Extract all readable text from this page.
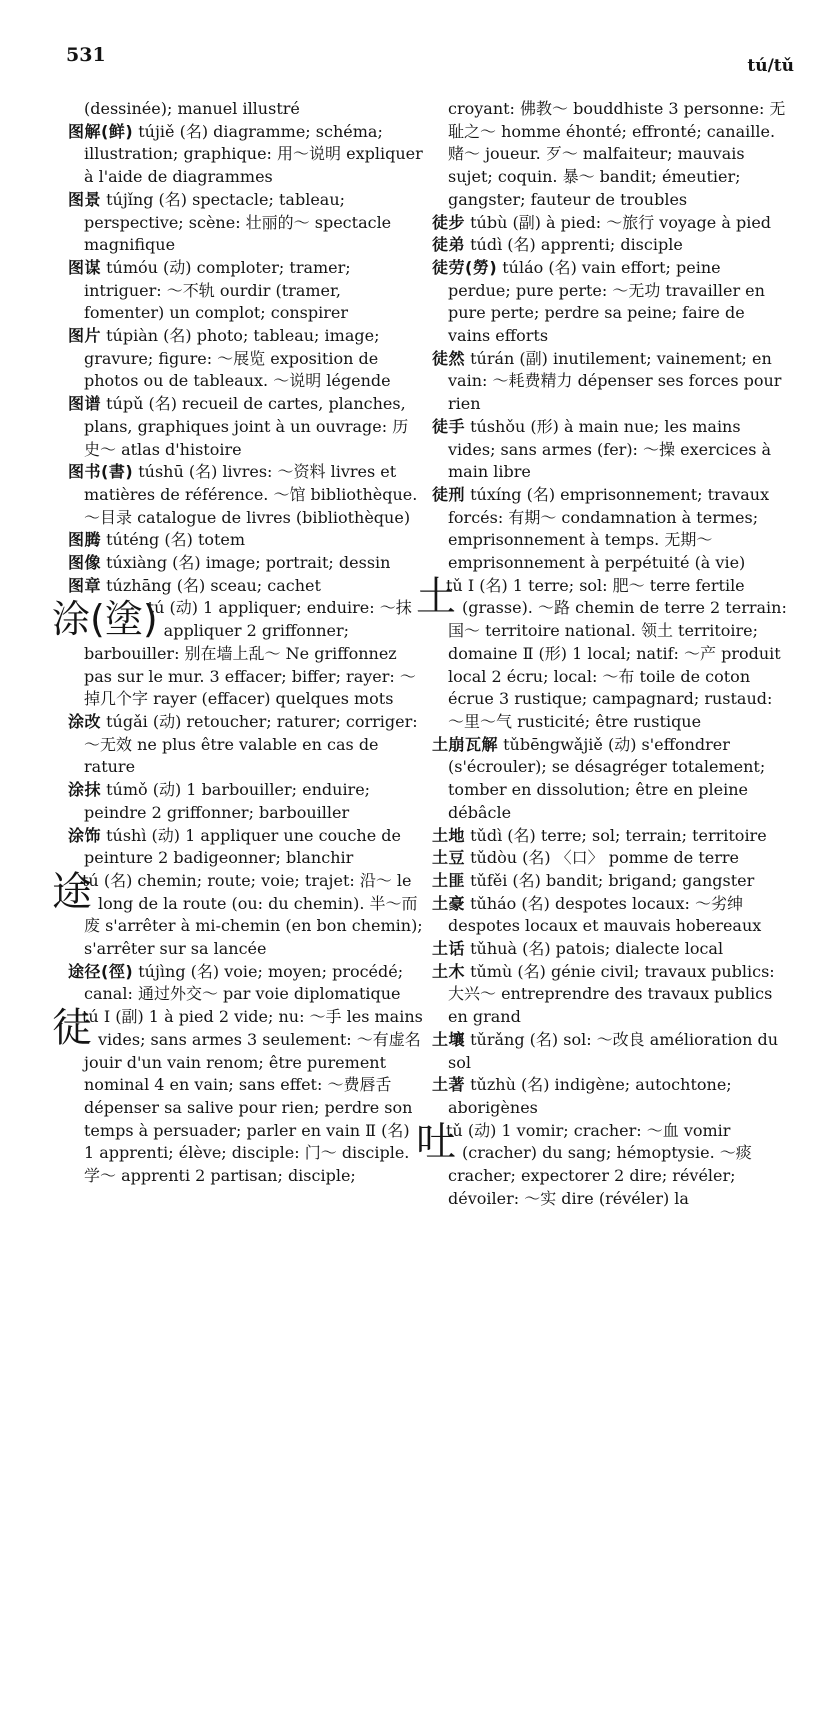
531	tú/tǔ

(dessinée); manuel illustré

图解(鲜) tújiě (名) diagramme; schéma; illustration; graphique: 用～说明 expliquer à l'aide de diagrammes

图景 tújǐng (名) spectacle; tableau; perspective; scène: 壮丽的～ spectacle magnifique

图谋 túmóu (动) comploter; tramer; intriguer: ～不轨 ourdir (tramer, fomenter) un complot; conspirer

图片 túpiàn (名) photo; tableau; image; gravure; figure: ～展览 exposition de photos ou de tableaux. ～说明 légende

图谱 túpǔ (名) recueil de cartes, planches, plans, graphiques joint à un ouvrage: 历史～ atlas d'histoire

图书(書) túshū (名) livres: ～资料 livres et matières de référence. ～馆 bibliothèque. ～目录 catalogue de livres (bibliothèque)

图腾 túténg (名) totem

图像 túxiàng (名) image; portrait; dessin

图章 túzhāng (名) sceau; cachet

涂(塗)
tú (动) 1 appliquer; enduire: ～抹 appliquer 2 griffonner; barbouiller: 别在墙上乱～ Ne griffonnez pas sur le mur. 3 effacer; biffer; rayer: ～掉几个字 rayer (effacer) quelques mots

涂改 túgǎi (动) retoucher; raturer; corriger: ～无效 ne plus être valable en cas de rature

涂抹 túmǒ (动) 1 barbouiller; enduire; peindre 2 griffonner; barbouiller

涂饰 túshì (动) 1 appliquer une couche de peinture 2 badigeonner; blanchir

途
tú (名) chemin; route; voie; trajet: 沿～ le long de la route (ou: du chemin). 半～而废 s'arrêter à mi-chemin (en bon chemin); s'arrêter sur sa lancée

途径(徑) tújìng (名) voie; moyen; procédé; canal: 通过外交～ par voie diplomatique

徒
tú Ⅰ (副) 1 à pied 2 vide; nu: ～手 les mains vides; sans armes 3 seulement: ～有虚名 jouir d'un vain renom; être purement nominal 4 en vain; sans effet: ～费唇舌 dépenser sa salive pour rien; perdre son temps à persuader; parler en vain Ⅱ (名) 1 apprenti; élève; disciple: 门～ disciple. 学～ apprenti 2 partisan; disciple;

croyant: 佛教～ bouddhiste 3 personne: 无耻之～ homme éhonté; effronté; canaille. 赌～ joueur. 歹～ malfaiteur; mauvais sujet; coquin. 暴～ bandit; émeutier; gangster; fauteur de troubles

徒步 túbù (副) à pied: ～旅行 voyage à pied

徒弟 túdì (名) apprenti; disciple

徒劳(勞) túláo (名) vain effort; peine perdue; pure perte: ～无功 travailler en pure perte; perdre sa peine; faire de vains efforts

徒然 túrán (副) inutilement; vainement; en vain: ～耗费精力 dépenser ses forces pour rien

徒手 túshǒu (形) à main nue; les mains vides; sans armes (fer): ～操 exercices à main libre

徒刑 túxíng (名) emprisonnement; travaux forcés: 有期～ condamnation à termes; emprisonnement à temps. 无期～ emprisonnement à perpétuité (à vie)

土
tǔ Ⅰ (名) 1 terre; sol: 肥～ terre fertile (grasse). ～路 chemin de terre 2 terrain: 国～ territoire national. 领土 territoire; domaine Ⅱ (形) 1 local; natif: ～产 produit local 2 écru; local: ～布 toile de coton écrue 3 rustique; campagnard; rustaud: ～里～气 rusticité; être rustique

土崩瓦解 tǔbēngwǎjiě (动) s'effondrer (s'écrouler); se désagréger totalement; tomber en dissolution; être en pleine débâcle

土地 tǔdì (名) terre; sol; terrain; territoire

土豆 tǔdòu (名) 〈口〉 pomme de terre

土匪 tǔfěi (名) bandit; brigand; gangster

土豪 tǔháo (名) despotes locaux: ～劣绅 despotes locaux et mauvais hobereaux

土话 tǔhuà (名) patois; dialecte local

土木 tǔmù (名) génie civil; travaux publics: 大兴～ entreprendre des travaux publics en grand

土壤 tǔrǎng (名) sol: ～改良 amélioration du sol

土著 tǔzhù (名) indigène; autochtone; aborigènes

吐
tǔ (动) 1 vomir; cracher: ～血 vomir (cracher) du sang; hémoptysie. ～痰 cracher; expectorer 2 dire; révéler; dévoiler: ～实 dire (révéler) la
